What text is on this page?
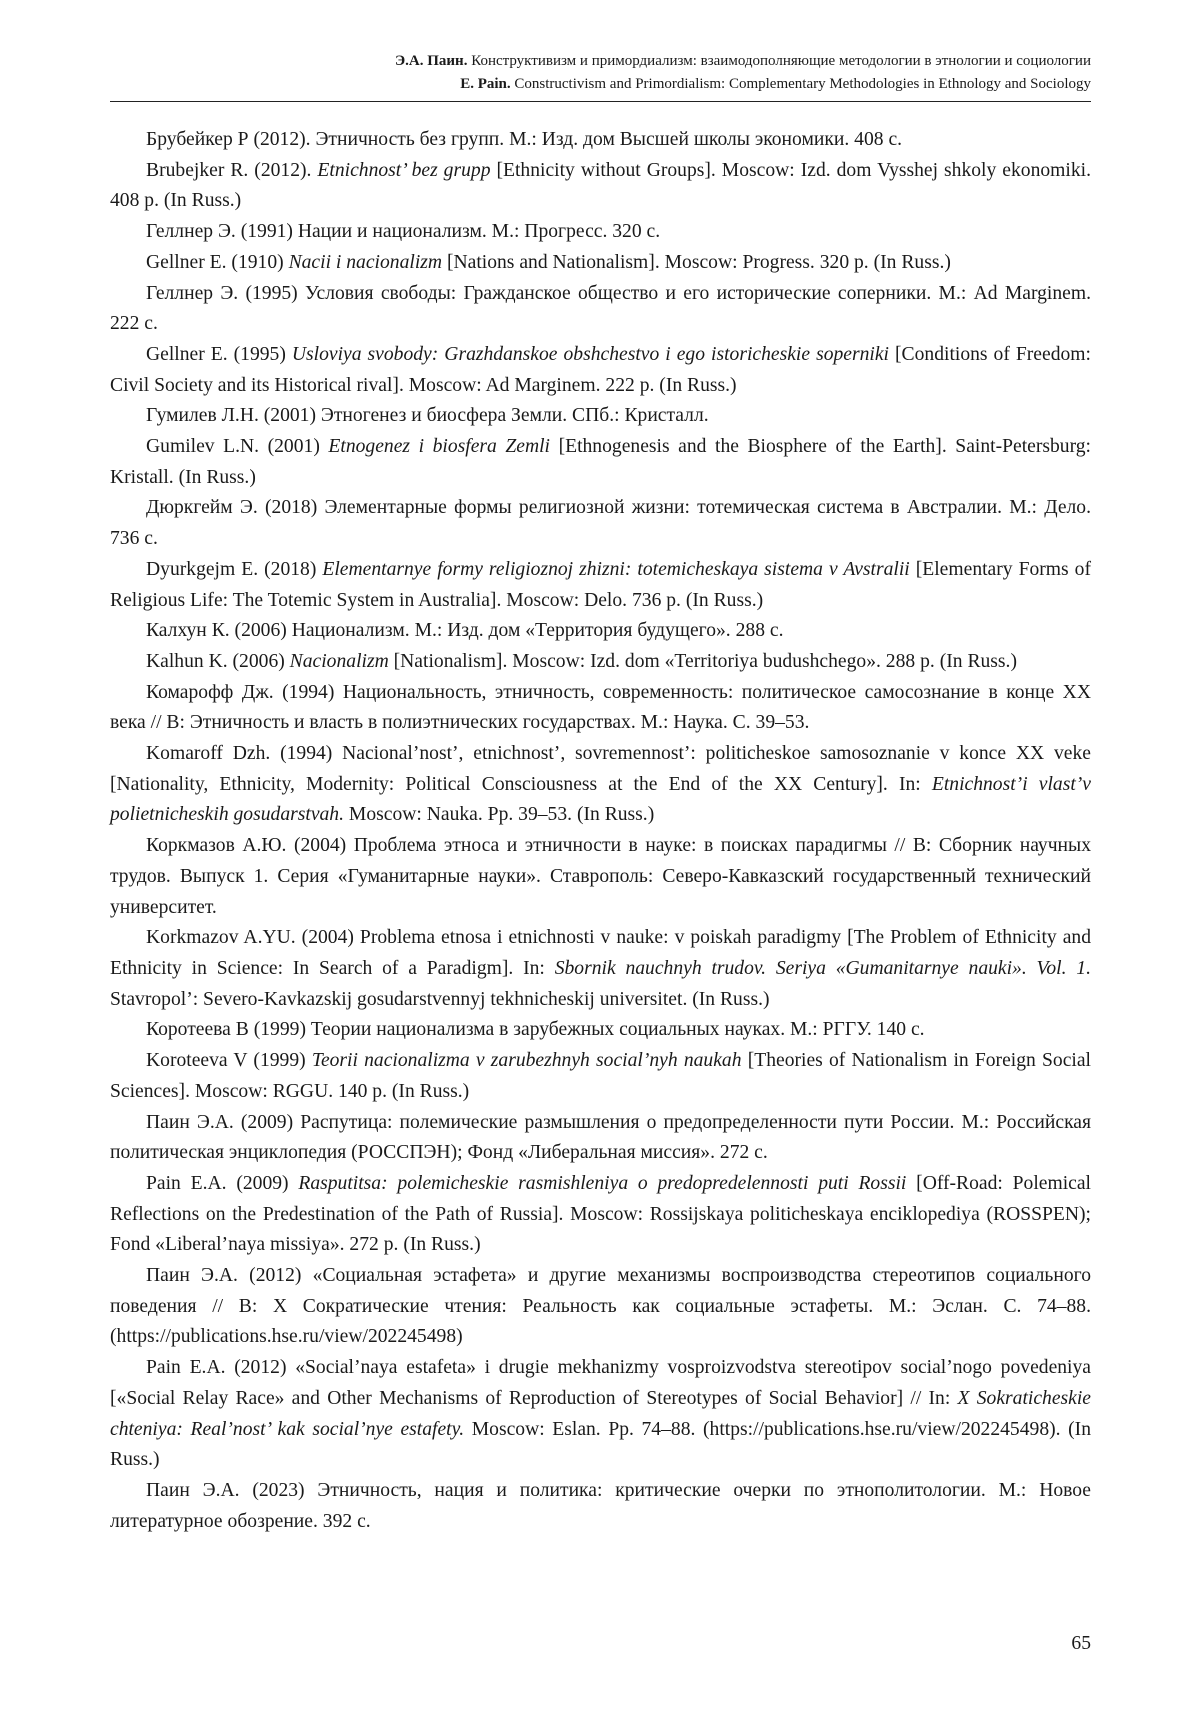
Э.А. Паин. Конструктивизм и примордиализм: взаимодополняющие методологии в этнологии и социологии
E. Pain. Constructivism and Primordialism: Complementary Methodologies in Ethnology and Sociology

Брубейкер Р (2012). Этничность без групп. М.: Изд. дом Высшей школы экономики. 408 с.

Brubejker R. (2012). Etnichnost’ bez grupp [Ethnicity without Groups]. Moscow: Izd. dom Vysshej shkoly ekonomiki. 408 p. (In Russ.)

Геллнер Э. (1991) Нации и национализм. М.: Прогресс. 320 с.

Gellner E. (1910) Nacii i nacionalizm [Nations and Nationalism]. Moscow: Progress. 320 p. (In Russ.)

Геллнер Э. (1995) Условия свободы: Гражданское общество и его исторические соперники. М.: Ad Marginem. 222 с.

Gellner E. (1995) Usloviya svobody: Grazhdanskoe obshchestvo i ego istoricheskie soperniki [Conditions of Freedom: Civil Society and its Historical rival]. Moscow: Ad Marginem. 222 p. (In Russ.)

Гумилев Л.Н. (2001) Этногенез и биосфера Земли. СПб.: Кристалл.

Gumilev L.N. (2001) Etnogenez i biosfera Zemli [Ethnogenesis and the Biosphere of the Earth]. Saint-Petersburg: Kristall. (In Russ.)

Дюркгейм Э. (2018) Элементарные формы религиозной жизни: тотемическая система в Австралии. М.: Дело. 736 с.

Dyurkgejm E. (2018) Elementarnye formy religioznoj zhizni: totemicheskaya sistema v Avstralii [Elementary Forms of Religious Life: The Totemic System in Australia]. Moscow: Delo. 736 p. (In Russ.)

Калхун К. (2006) Национализм. М.: Изд. дом «Территория будущего». 288 с.

Kalhun K. (2006) Nacionalizm [Nationalism]. Moscow: Izd. dom «Territoriya budushchego». 288 p. (In Russ.)

Комарофф Дж. (1994) Национальность, этничность, современность: политическое самосознание в конце ХХ века // В: Этничность и власть в полиэтнических государствах. М.: Наука. С. 39–53.

Komaroff Dzh. (1994) Nacional’nost’, etnichnost’, sovremennost’: politicheskoe samosoznanie v konce XX veke [Nationality, Ethnicity, Modernity: Political Consciousness at the End of the XX Century]. In: Etnichnost’i vlast’v polietnicheskih gosudarstvah. Moscow: Nauka. Pp. 39–53. (In Russ.)

Коркмазов А.Ю. (2004) Проблема этноса и этничности в науке: в поисках парадигмы // В: Сборник научных трудов. Выпуск 1. Серия «Гуманитарные науки». Ставрополь: Северо-Кавказский государственный технический университет.

Korkmazov A.YU. (2004) Problema etnosa i etnichnosti v nauke: v poiskah paradigmy [The Problem of Ethnicity and Ethnicity in Science: In Search of a Paradigm]. In: Sbornik nauchnyh trudov. Seriya «Gumanitarnye nauki». Vol. 1. Stavropol’: Severo-Kavkazskij gosudarstvennyj tekhnicheskij universitet. (In Russ.)

Коротеева В (1999) Теории национализма в зарубежных социальных науках. М.: РГГУ. 140 с.

Koroteeva V (1999) Teorii nacionalizma v zarubezhnyh social’nyh naukah [Theories of Nationalism in Foreign Social Sciences]. Moscow: RGGU. 140 p. (In Russ.)

Паин Э.А. (2009) Распутица: полемические размышления о предопределенности пути России. М.: Российская политическая энциклопедия (РОССПЭН); Фонд «Либеральная миссия». 272 с.

Pain E.A. (2009) Rasputitsa: polemicheskie rasmishleniya o predopredelennosti puti Rossii [Off-Road: Polemical Reflections on the Predestination of the Path of Russia]. Moscow: Rossijskaya politicheskaya enciklopediya (ROSSPEN); Fond «Liberal’naya missiya». 272 p. (In Russ.)

Паин Э.А. (2012) «Социальная эстафета» и другие механизмы воспроизводства стереотипов социального поведения // В: X Сократические чтения: Реальность как социальные эстафеты. М.: Эслан. С. 74–88. (https://publications.hse.ru/view/202245498)

Pain E.A. (2012) «Social’naya estafeta» i drugie mekhanizmy vosproizvodstva stereotipov social’nogo povedeniya [«Social Relay Race» and Other Mechanisms of Reproduction of Stereotypes of Social Behavior] // In: X Sokraticheskie chteniya: Real’nost’ kak social’nye estafety. Moscow: Eslan. Pp. 74–88. (https://publications.hse.ru/view/202245498). (In Russ.)

Паин Э.А. (2023) Этничность, нация и политика: критические очерки по этнополитологии. М.: Новое литературное обозрение. 392 с.

65
